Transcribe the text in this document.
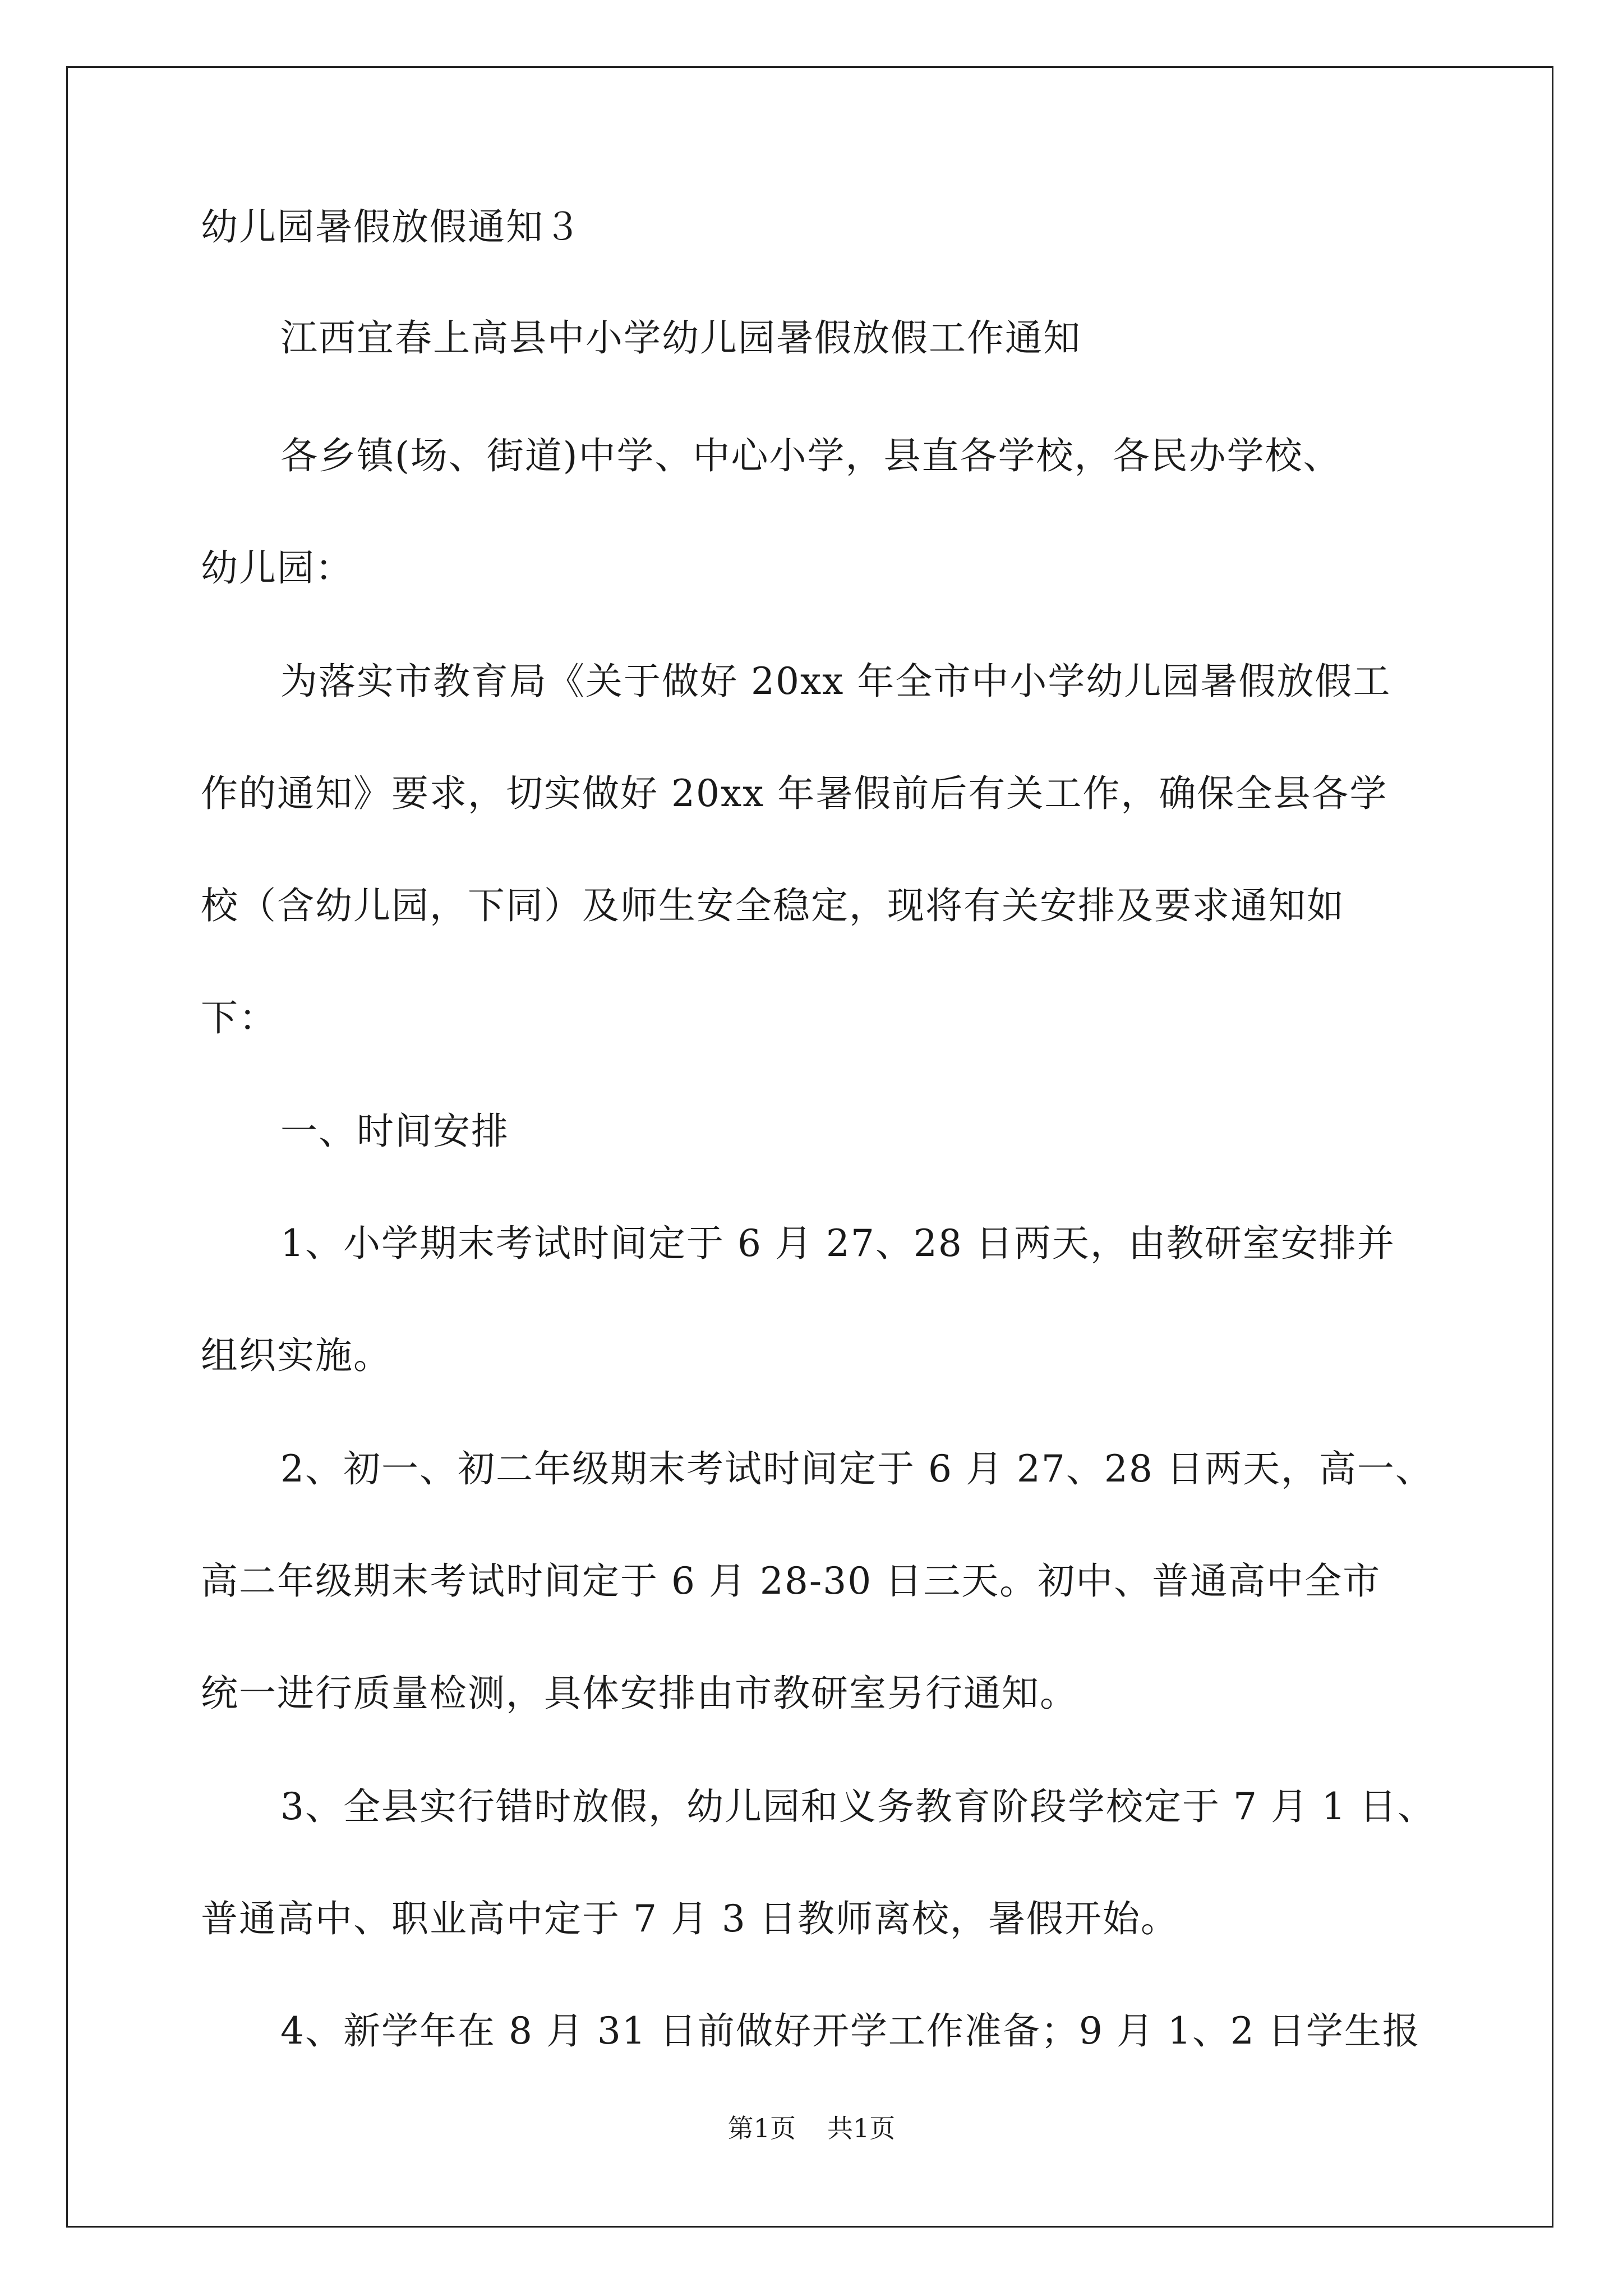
幼儿园暑假放假通知３
江西宜春上高县中小学幼儿园暑假放假工作通知
各乡镇(场、街道)中学、中心小学，县直各学校，各民办学校、
幼儿园：
为落实市教育局《关于做好 20xx 年全市中小学幼儿园暑假放假工
作的通知》要求，切实做好 20xx 年暑假前后有关工作，确保全县各学
校（含幼儿园，下同）及师生安全稳定，现将有关安排及要求通知如
下：
一、时间安排
1、小学期末考试时间定于 6 月 27、28 日两天，由教研室安排并
组织实施。
2、初一、初二年级期末考试时间定于 6 月 27、28 日两天，高一、
高二年级期末考试时间定于 6 月 28-30 日三天。初中、普通高中全市
统一进行质量检测，具体安排由市教研室另行通知。
3、全县实行错时放假，幼儿园和义务教育阶段学校定于 7 月 1 日、
普通高中、职业高中定于 7 月 3 日教师离校，暑假开始。
4、新学年在 8 月 31 日前做好开学工作准备；9 月 1、2 日学生报
第1页 共1页
